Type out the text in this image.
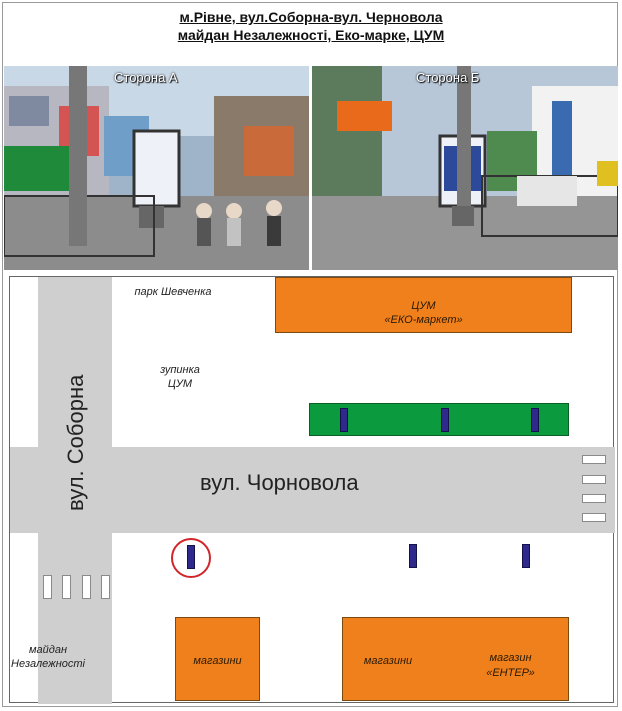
м.Рівне, вул.Соборна-вул. Черновола
майдан Незалежності, Еко-марке, ЦУМ
Сторона А	Сторона Б
вул. Чорновола
вул. Соборна
парк Шевченка
зупинка
ЦУМ
майдан
Незалежності
ЦУМ
«ЕКО-маркет»
магазини	магазини	магазин
«ЕНТЕР»
